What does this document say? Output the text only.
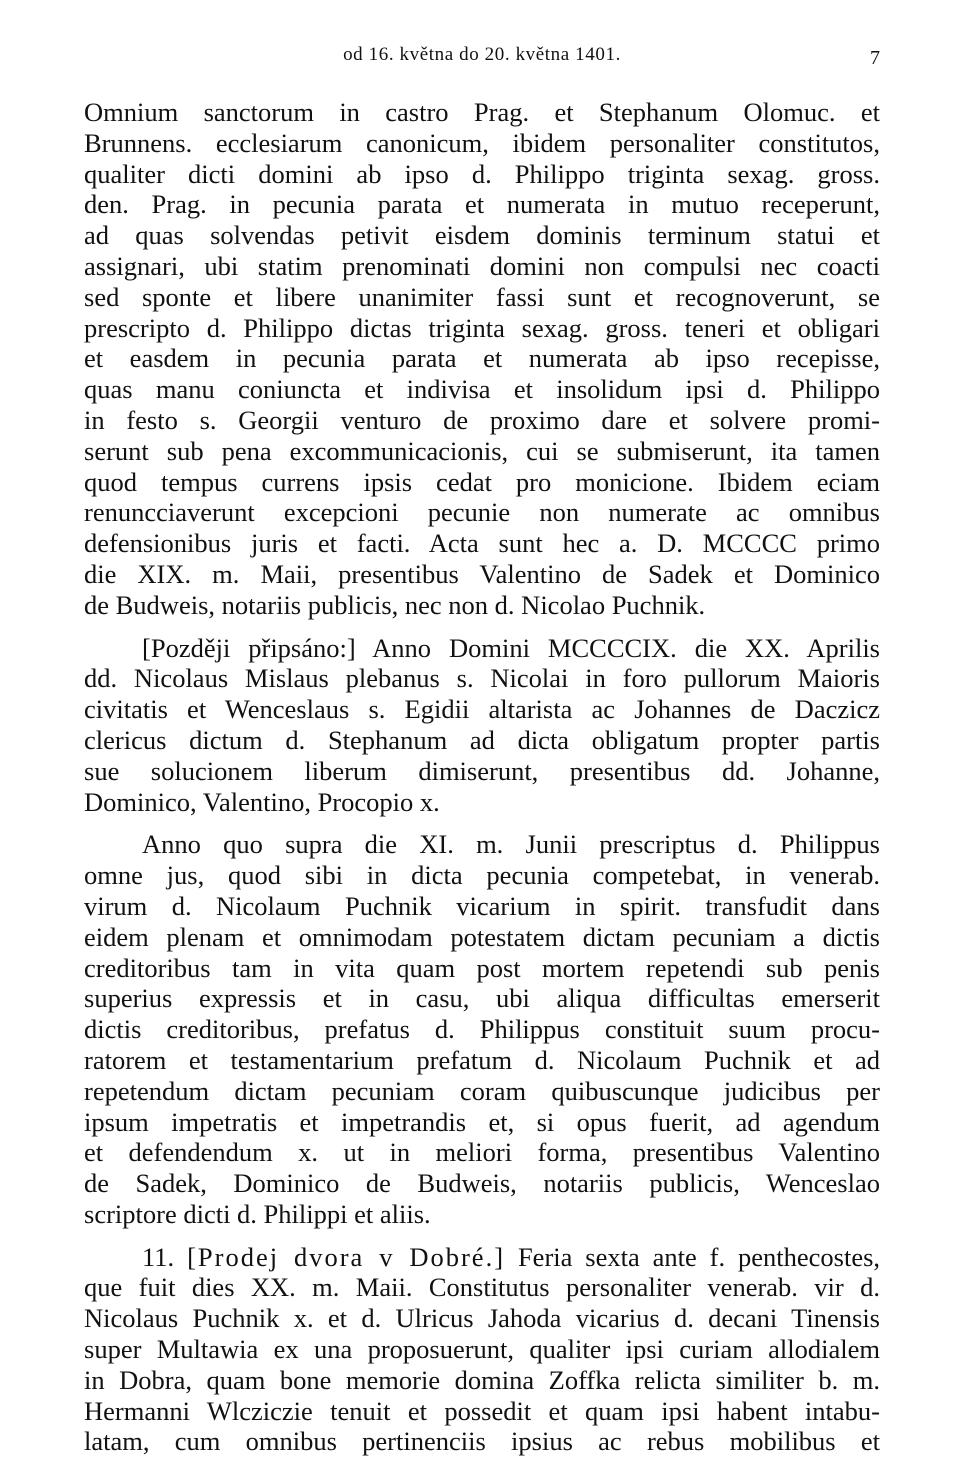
od 16. května do 20. května 1401.	7
Omnium sanctorum in castro Prag. et Stephanum Olomuc. et
Brunnens. ecclesiarum canonicum, ibidem personaliter constitutos,
qualiter dicti domini ab ipso d. Philippo triginta sexag. gross.
den. Prag. in pecunia parata et numerata in mutuo receperunt,
ad quas solvendas petivit eisdem dominis terminum statui et
assignari, ubi statim prenominati domini non compulsi nec coacti
sed sponte et libere unanimiter fassi sunt et recognoverunt, se
prescripto d. Philippo dictas triginta sexag. gross. teneri et obligari
et easdem in pecunia parata et numerata ab ipso recepisse,
quas manu coniuncta et indivisa et insolidum ipsi d. Philippo
in festo s. Georgii venturo de proximo dare et solvere promi-
serunt sub pena excommunicacionis, cui se submiserunt, ita tamen
quod tempus currens ipsis cedat pro monicione. Ibidem eciam
renuncciaverunt excepcioni pecunie non numerate ac omnibus
defensionibus juris et facti. Acta sunt hec a. D. MCCCC primo
die XIX. m. Maii, presentibus Valentino de Sadek et Dominico
de Budweis, notariis publicis, nec non d. Nicolao Puchnik.
[Později připsáno:] Anno Domini MCCCCIX. die XX. Aprilis
dd. Nicolaus Mislaus plebanus s. Nicolai in foro pullorum Maioris
civitatis et Wenceslaus s. Egidii altarista ac Johannes de Daczicz
clericus dictum d. Stephanum ad dicta obligatum propter partis
sue solucionem liberum dimiserunt, presentibus dd. Johanne,
Dominico, Valentino, Procopio x.
Anno quo supra die XI. m. Junii prescriptus d. Philippus
omne jus, quod sibi in dicta pecunia competebat, in venerab.
virum d. Nicolaum Puchnik vicarium in spirit. transfudit dans
eidem plenam et omnimodam potestatem dictam pecuniam a dictis
creditoribus tam in vita quam post mortem repetendi sub penis
superius expressis et in casu, ubi aliqua difficultas emerserit
dictis creditoribus, prefatus d. Philippus constituit suum procu-
ratorem et testamentarium prefatum d. Nicolaum Puchnik et ad
repetendum dictam pecuniam coram quibuscunque judicibus per
ipsum impetratis et impetrandis et, si opus fuerit, ad agendum
et defendendum x. ut in meliori forma, presentibus Valentino
de Sadek, Dominico de Budweis, notariis publicis, Wenceslao
scriptore dicti d. Philippi et aliis.
11. [Prodej dvora v Dobré.] Feria sexta ante f. penthecostes,
que fuit dies XX. m. Maii. Constitutus personaliter venerab. vir d.
Nicolaus Puchnik x. et d. Ulricus Jahoda vicarius d. decani Tinensis
super Multawia ex una proposuerunt, qualiter ipsi curiam allodialem
in Dobra, quam bone memorie domina Zoffka relicta similiter b. m.
Hermanni Wlcziczie tenuit et possedit et quam ipsi habent intabu-
latam, cum omnibus pertinenciis ipsius ac rebus mobilibus et
